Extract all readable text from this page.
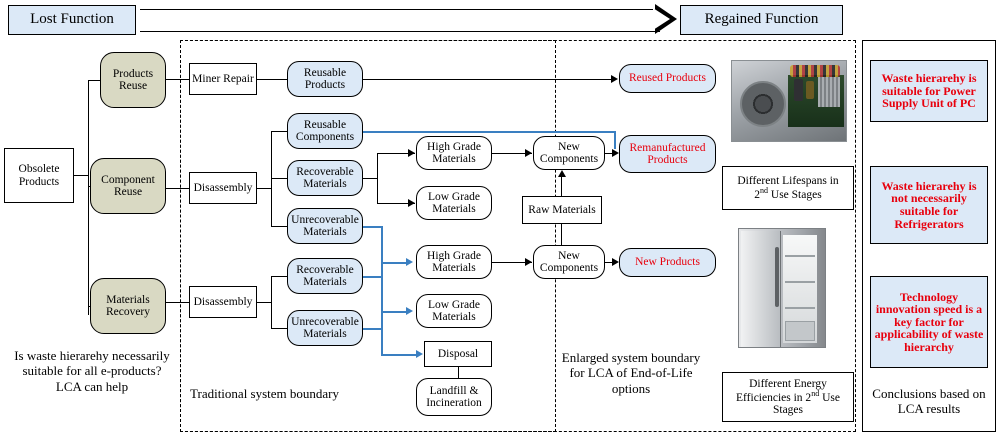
Lost Function	Regained Function
Obsolete Products
Products Reuse
Component Reuse
Materials Recovery
Is waste hierarehy necessarily suitable for all e-products? LCA can help	Traditional system boundary
Enlarged system boundary for LCA of End-of-Life options
Waste hierarehy is suitable for Power Supply Unit of PC
Waste hierarehy is not necessarily suitable for Refrigerators
Technology innovation speed is a key factor for applicability of waste hierarchy
Conclusions based on LCA results
Miner Repair
Reusable Products
Reused Products
Disassembly
Reusable Components
Recoverable Materials
Unrecoverable Materials
High Grade Materials
Low Grade Materials
New Components
Remanufactured Products
Raw Materials
Disassembly
Recoverable Materials
Unrecoverable Materials
High Grade Materials
Low Grade Materials
Disposal
Landfill & Incineration
New Components	New Products
Different Lifespans in
2nd Use Stages
Different Energy
Efficiencies in 2nd Use
Stages
